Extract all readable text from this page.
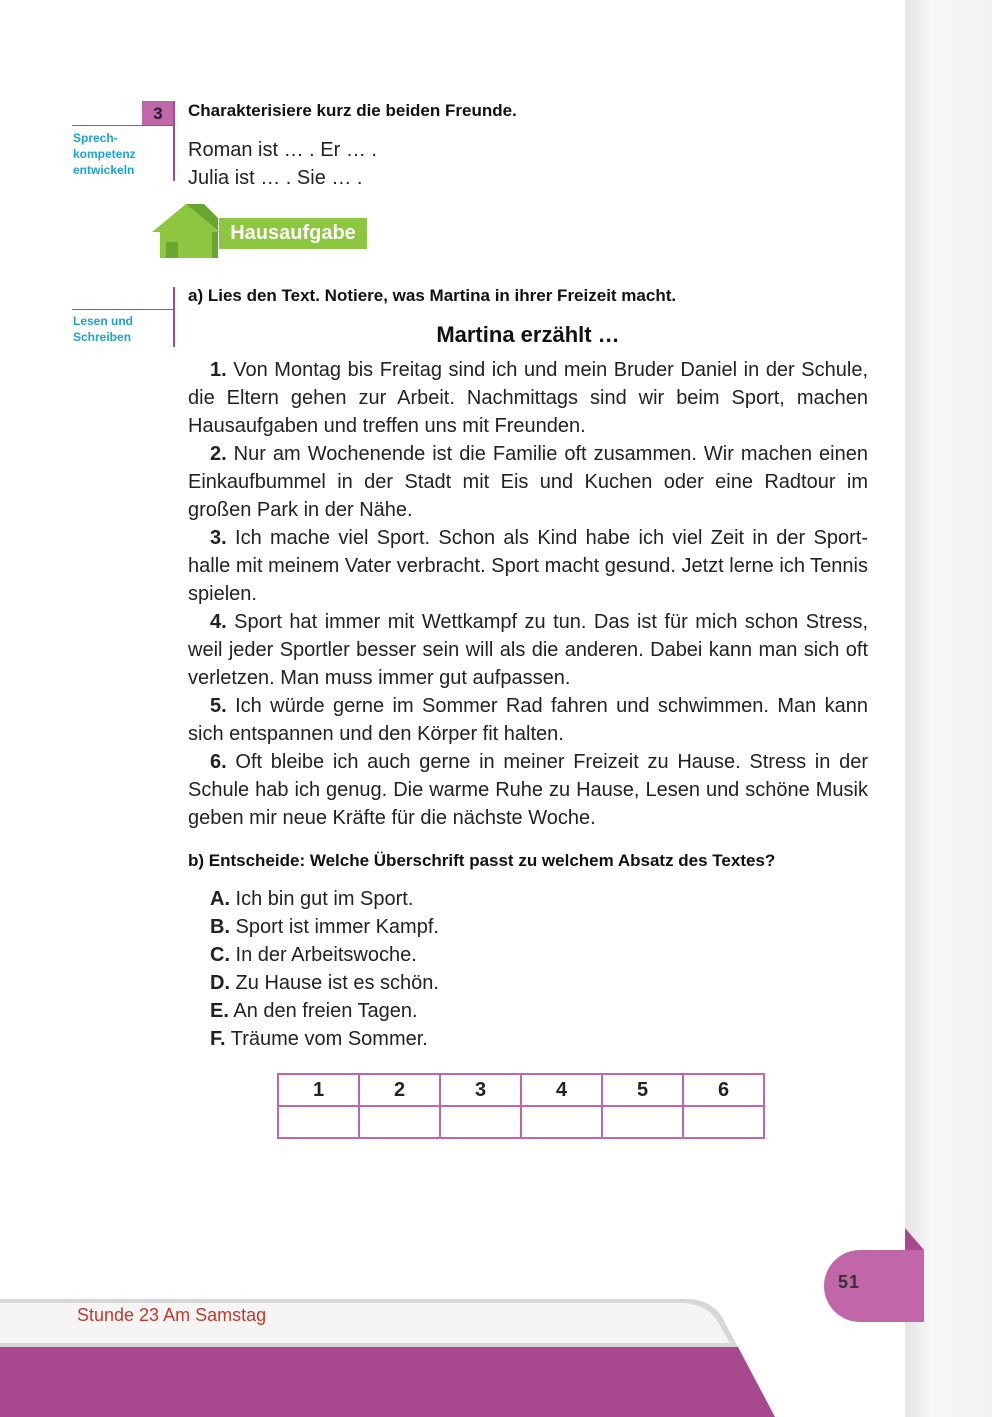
3
Sprech-
kompetenz
entwickeln
Charakterisiere kurz die beiden Freunde.
Roman ist … . Er … .
Julia ist … . Sie … .
Hausaufgabe
Lesen und
Schreiben
a) Lies den Text. Notiere, was Martina in ihrer Freizeit macht.
Martina erzählt …
1. Von Montag bis Freitag sind ich und mein Bruder Daniel in der Schule, die Eltern gehen zur Arbeit. Nachmittags sind wir beim Sport, machen Hausaufgaben und treffen uns mit Freunden.
2. Nur am Wochenende ist die Familie oft zusammen. Wir machen einen Einkaufbummel in der Stadt mit Eis und Kuchen oder eine Radtour im großen Park in der Nähe.
3. Ich mache viel Sport. Schon als Kind habe ich viel Zeit in der Sport-halle mit meinem Vater verbracht. Sport macht gesund. Jetzt lerne ich Tennis spielen.
4. Sport hat immer mit Wettkampf zu tun. Das ist für mich schon Stress, weil jeder Sportler besser sein will als die anderen. Dabei kann man sich oft verletzen. Man muss immer gut aufpassen.
5. Ich würde gerne im Sommer Rad fahren und schwimmen. Man kann sich entspannen und den Körper fit halten.
6. Oft bleibe ich auch gerne in meiner Freizeit zu Hause. Stress in der Schule hab ich genug. Die warme Ruhe zu Hause, Lesen und schöne Musik geben mir neue Kräfte für die nächste Woche.
b) Entscheide: Welche Überschrift passt zu welchem Absatz des Textes?
A. Ich bin gut im Sport.
B. Sport ist immer Kampf.
C. In der Arbeitswoche.
D. Zu Hause ist es schön.
E. An den freien Tagen.
F. Träume vom Sommer.
1	2	3	4	5	6

51
Stunde 23 Am Samstag
